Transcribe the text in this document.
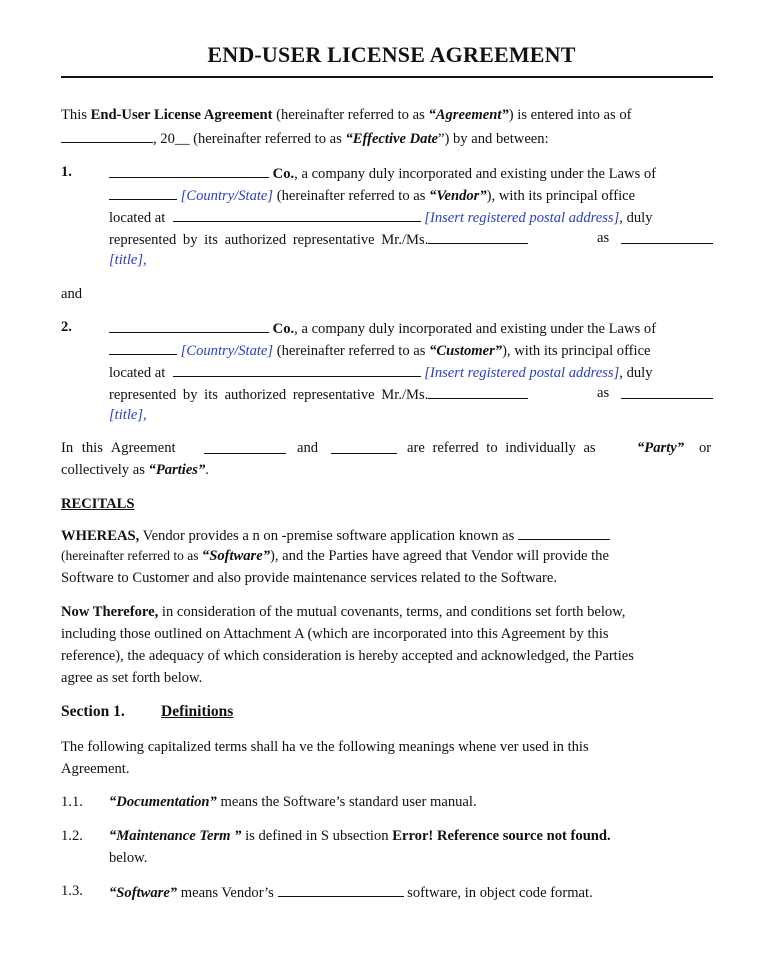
END-USER LICENSE AGREEMENT
This End-User License Agreement (hereinafter referred to as “Agreement”) is entered into as of
, 20__ (hereinafter referred to as “Effective Date”) by and between:
1.	Co., a company duly incorporated and existing under the Laws of
[Country/State] (hereinafter referred to as “Vendor”), with its principal office
located at	[Insert registered postal address], duly
represented by its authorized representative Mr./Ms.	as
[title],
and
2.	Co., a company duly incorporated and existing under the Laws of
[Country/State] (hereinafter referred to as “Customer”), with its principal office
located at	[Insert registered postal address], duly
represented by its authorized representative Mr./Ms.	as
[title],
In this Agreement	and	are referred to individually as	“Party” or
collectively as “Parties”.
RECITALS
WHEREAS, Vendor provides a n on -premise software application known as
(hereinafter referred to as “Software”), and the Parties have agreed that Vendor will provide the
Software to Customer and also provide maintenance services related to the Software.
Now Therefore, in consideration of the mutual covenants, terms, and conditions set forth below,
including those outlined on Attachment A (which are incorporated into this Agreement by this
reference), the adequacy of which consideration is hereby accepted and acknowledged, the Parties
agree as set forth below.
Section 1. Definitions
The following capitalized terms shall ha ve the following meanings whene ver used in this
Agreement.
1.1. “Documentation” means the Software’s standard user manual.
1.2. “Maintenance Term ” is defined in S ubsection Error! Reference source not found.
below.
1.3. “Software” means Vendor’s	software, in object code format.
